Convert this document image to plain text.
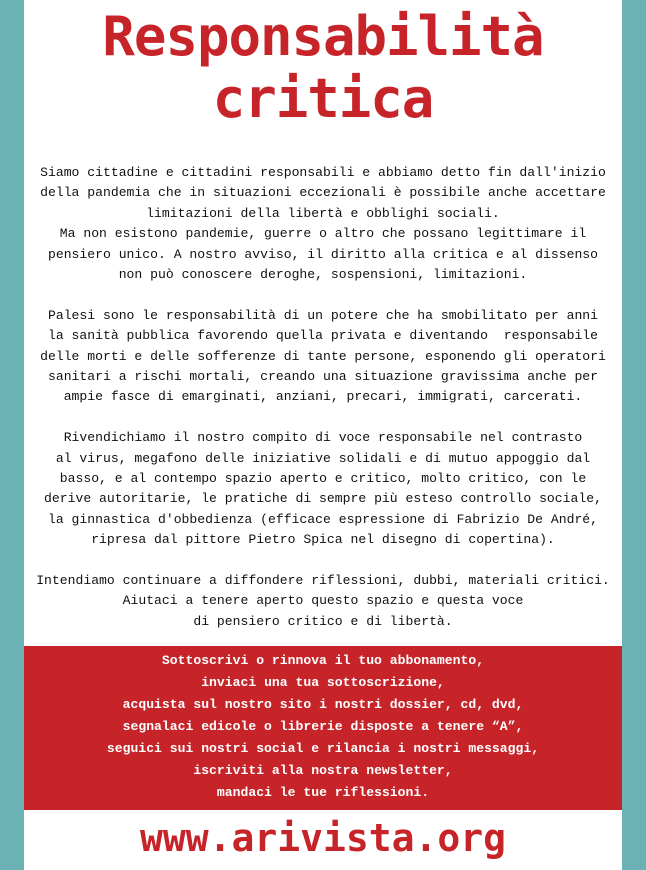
Responsabilità
critica
Siamo cittadine e cittadini responsabili e abbiamo detto fin dall'inizio
della pandemia che in situazioni eccezionali è possibile anche accettare
limitazioni della libertà e obblighi sociali.
Ma non esistono pandemie, guerre o altro che possano legittimare il
pensiero unico. A nostro avviso, il diritto alla critica e al dissenso
non può conoscere deroghe, sospensioni, limitazioni.
Palesi sono le responsabilità di un potere che ha smobilitato per anni
la sanità pubblica favorendo quella privata e diventando  responsabile
delle morti e delle sofferenze di tante persone, esponendo gli operatori
sanitari a rischi mortali, creando una situazione gravissima anche per
ampie fasce di emarginati, anziani, precari, immigrati, carcerati.
Rivendichiamo il nostro compito di voce responsabile nel contrasto
al virus, megafono delle iniziative solidali e di mutuo appoggio dal
basso, e al contempo spazio aperto e critico, molto critico, con le
derive autoritarie, le pratiche di sempre più esteso controllo sociale,
la ginnastica d'obbedienza (efficace espressione di Fabrizio De André,
ripresa dal pittore Pietro Spica nel disegno di copertina).
Intendiamo continuare a diffondere riflessioni, dubbi, materiali critici.
Aiutaci a tenere aperto questo spazio e questa voce
di pensiero critico e di libertà.
Sottoscrivi o rinnova il tuo abbonamento,
inviaci una tua sottoscrizione,
acquista sul nostro sito i nostri dossier, cd, dvd,
segnalaci edicole o librerie disposte a tenere “A”,
seguici sui nostri social e rilancia i nostri messaggi,
iscriviti alla nostra newsletter,
mandaci le tue riflessioni.
www.arivista.org
